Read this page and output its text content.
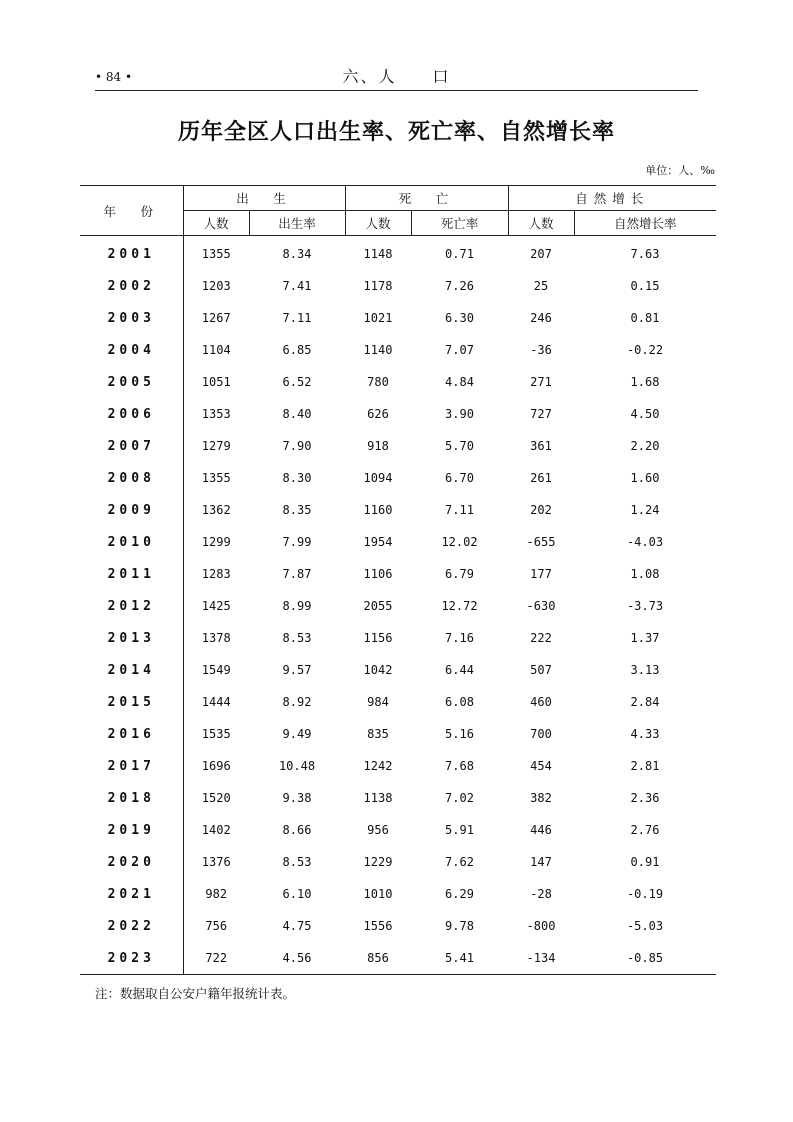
• 84 •	六、人　　口
历年全区人口出生率、死亡率、自然增长率
单位：人、‰
年　份	出　生		死　亡		自然增长	
	人数	出生率	人数	死亡率	人数	自然增长率
2001	1355	8.34	1148	0.71	207	7.63
2002	1203	7.41	1178	7.26	25	0.15
2003	1267	7.11	1021	6.30	246	0.81
2004	1104	6.85	1140	7.07	-36	-0.22
2005	1051	6.52	780	4.84	271	1.68
2006	1353	8.40	626	3.90	727	4.50
2007	1279	7.90	918	5.70	361	2.20
2008	1355	8.30	1094	6.70	261	1.60
2009	1362	8.35	1160	7.11	202	1.24
2010	1299	7.99	1954	12.02	-655	-4.03
2011	1283	7.87	1106	6.79	177	1.08
2012	1425	8.99	2055	12.72	-630	-3.73
2013	1378	8.53	1156	7.16	222	1.37
2014	1549	9.57	1042	6.44	507	3.13
2015	1444	8.92	984	6.08	460	2.84
2016	1535	9.49	835	5.16	700	4.33
2017	1696	10.48	1242	7.68	454	2.81
2018	1520	9.38	1138	7.02	382	2.36
2019	1402	8.66	956	5.91	446	2.76
2020	1376	8.53	1229	7.62	147	0.91
2021	982	6.10	1010	6.29	-28	-0.19
2022	756	4.75	1556	9.78	-800	-5.03
2023	722	4.56	856	5.41	-134	-0.85
注：数据取自公安户籍年报统计表。
